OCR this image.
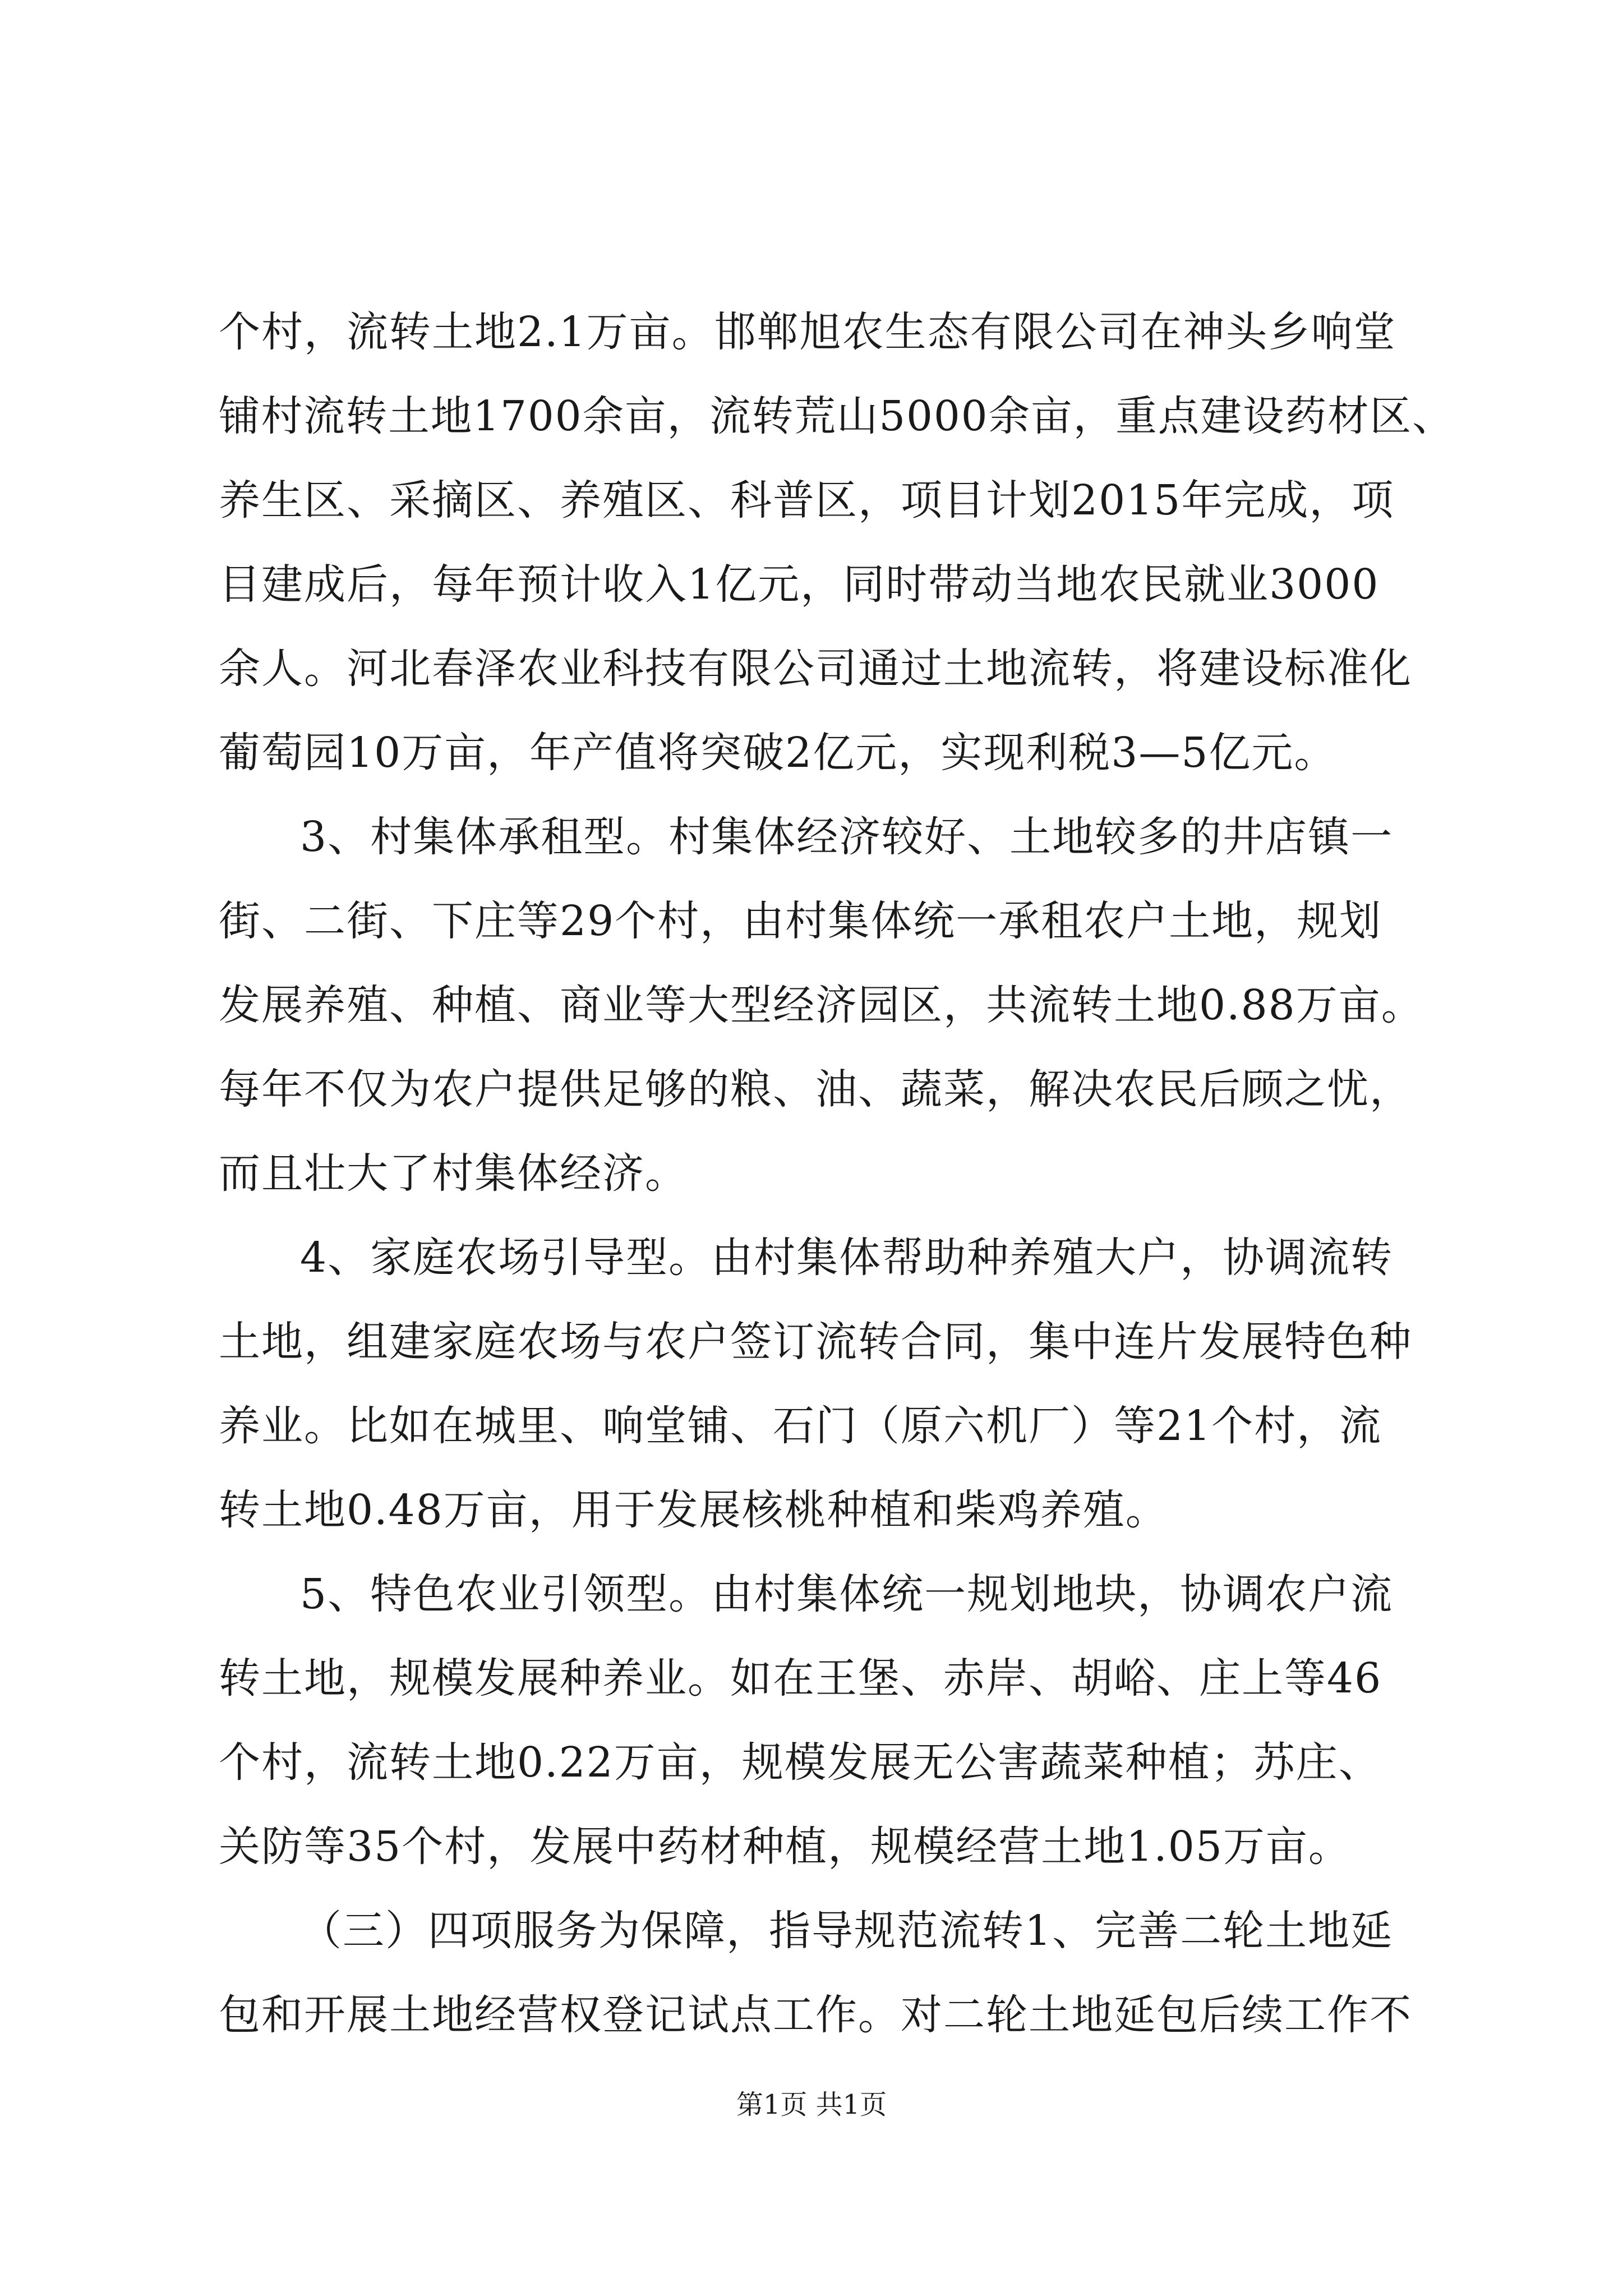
个村，流转土地2.1万亩。邯郸旭农生态有限公司在神头乡响堂
铺村流转土地1700余亩，流转荒山5000余亩，重点建设药材区、
养生区、采摘区、养殖区、科普区，项目计划2015年完成，项
目建成后，每年预计收入1亿元，同时带动当地农民就业3000
余人。河北春泽农业科技有限公司通过土地流转，将建设标准化
葡萄园10万亩，年产值将突破2亿元，实现利税3—5亿元。
3、村集体承租型。村集体经济较好、土地较多的井店镇一
街、二街、下庄等29个村，由村集体统一承租农户土地，规划
发展养殖、种植、商业等大型经济园区，共流转土地0.88万亩。
每年不仅为农户提供足够的粮、油、蔬菜，解决农民后顾之忧，
而且壮大了村集体经济。
4、家庭农场引导型。由村集体帮助种养殖大户，协调流转
土地，组建家庭农场与农户签订流转合同，集中连片发展特色种
养业。比如在城里、响堂铺、石门（原六机厂）等21个村，流
转土地0.48万亩，用于发展核桃种植和柴鸡养殖。
5、特色农业引领型。由村集体统一规划地块，协调农户流
转土地，规模发展种养业。如在王堡、赤岸、胡峪、庄上等46
个村，流转土地0.22万亩，规模发展无公害蔬菜种植；苏庄、
关防等35个村，发展中药材种植，规模经营土地1.05万亩。
（三）四项服务为保障，指导规范流转1、完善二轮土地延
包和开展土地经营权登记试点工作。对二轮土地延包后续工作不
第1页 共1页
